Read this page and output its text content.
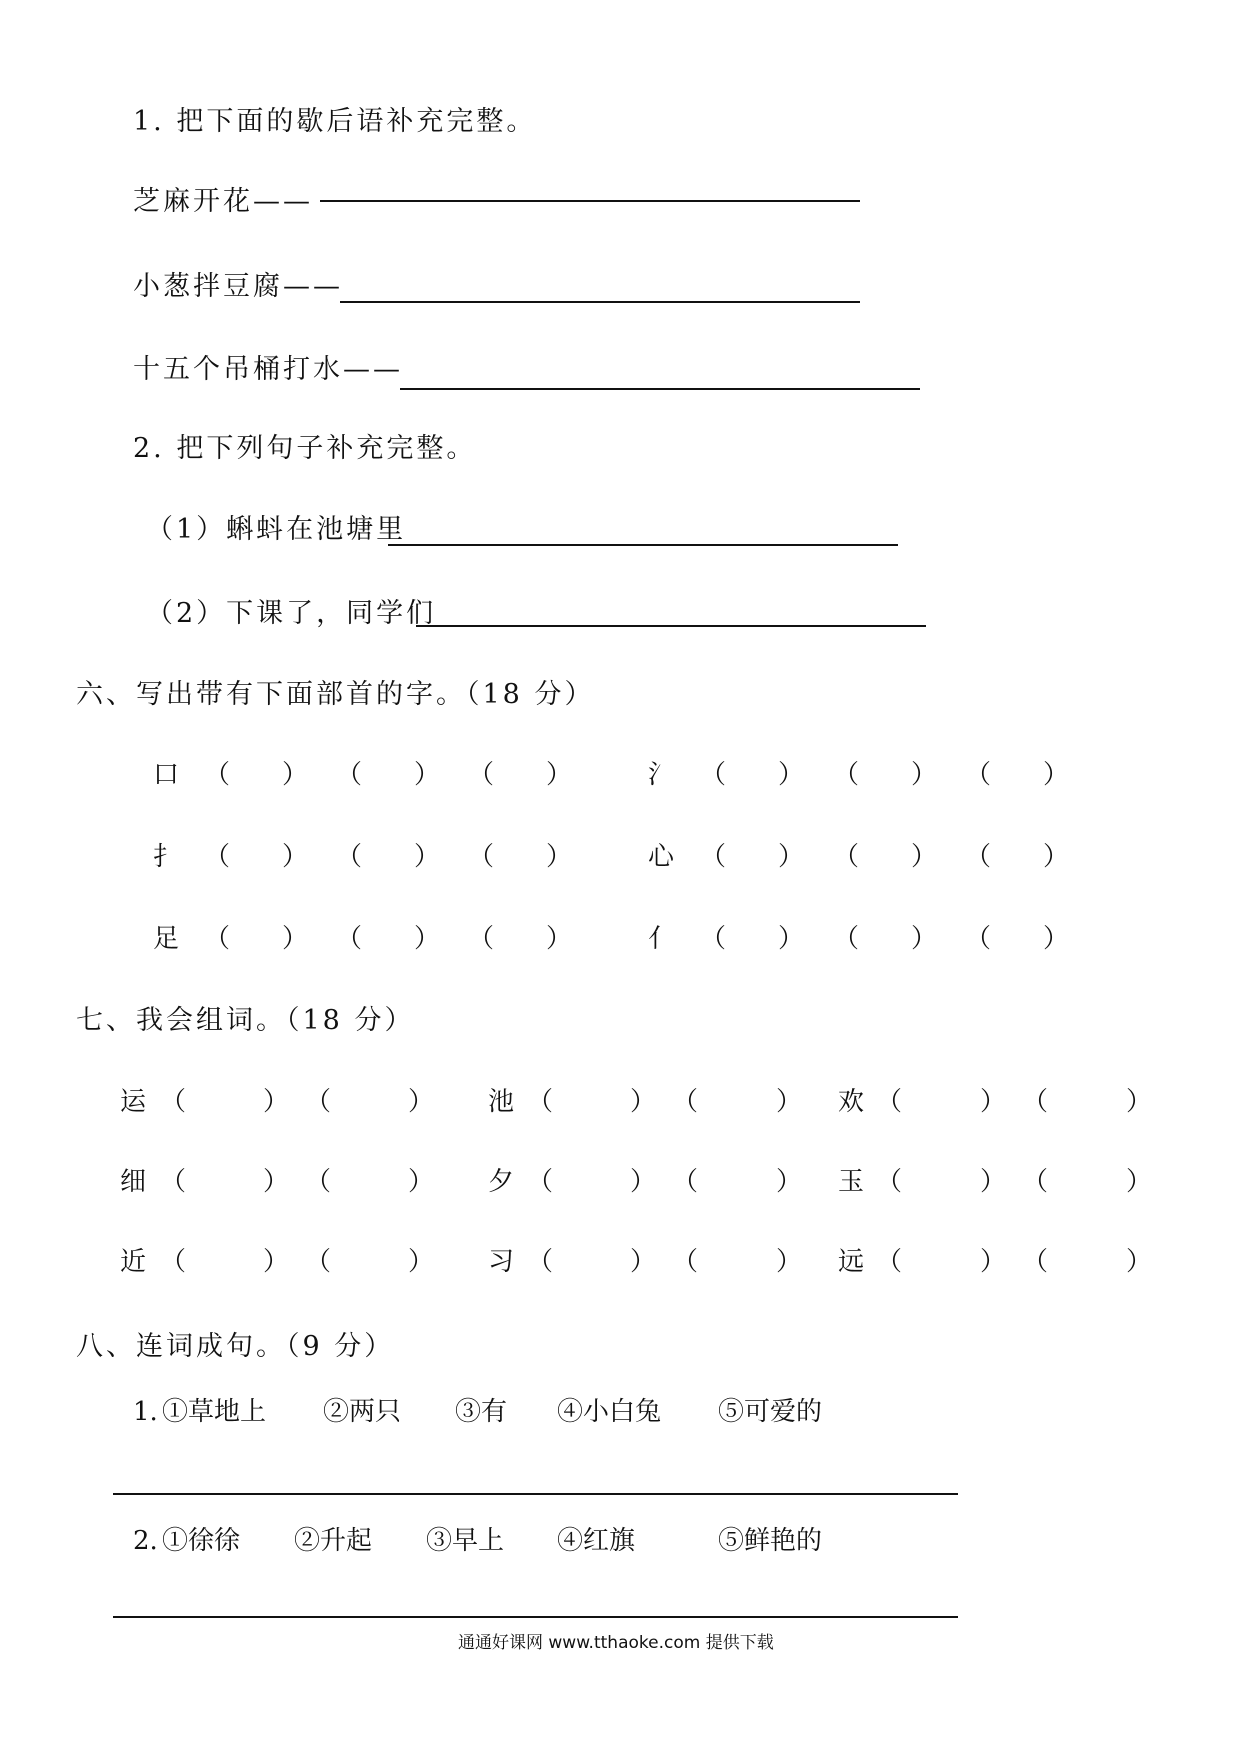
1. 把下面的歇后语补充完整。
芝麻开花——
小葱拌豆腐——
十五个吊桶打水——
2. 把下列句子补充完整。
（1）蝌蚪在池塘里
（2）下课了，同学们
六、写出带有下面部首的字。（18 分）
口 （ ） （ ） （ ）	氵 （ ） （ ） （ ）
扌 （ ） （ ） （ ）	心 （ ） （ ） （ ）
足 （ ） （ ） （ ）	亻 （ ） （ ） （ ）
七、我会组词。（18 分）
运 （	） （	） 池 （	） （	） 欢 （	） （	）
细 （	） （	） 夕 （	） （	） 玉 （	） （	）
近 （	） （	） 习 （	） （	） 远 （	） （	）
八、连词成句。（9 分）
1. ①草地上 ②两只 ③有 ④小白兔 ⑤可爱的
2. ①徐徐 ②升起 ③早上 ④红旗	⑤鲜艳的
通通好课网 www.tthaoke.com 提供下载
